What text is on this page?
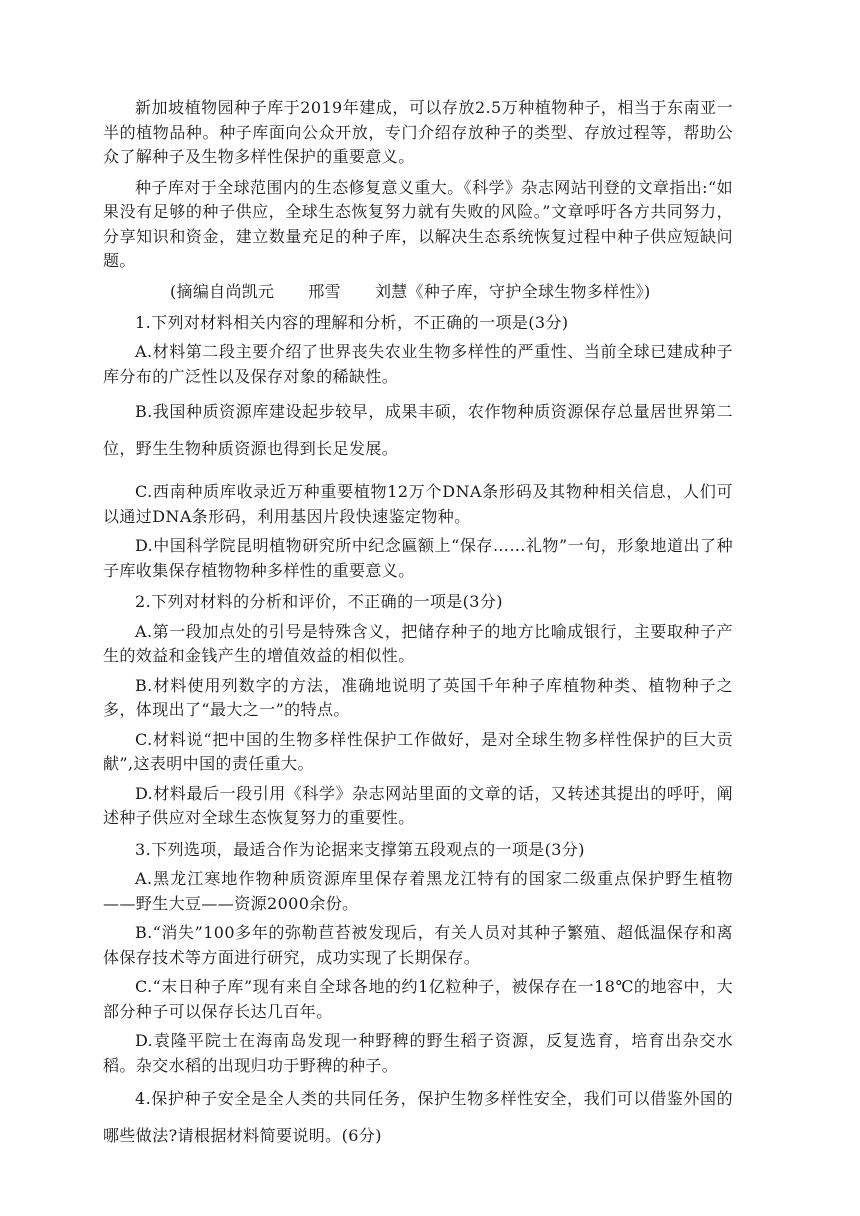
新加坡植物园种子库于2019年建成，可以存放2.5万种植物种子，相当于东南亚一半的植物品种。种子库面向公众开放，专门介绍存放种子的类型、存放过程等，帮助公众了解种子及生物多样性保护的重要意义。

种子库对于全球范围内的生态修复意义重大。《科学》杂志网站刊登的文章指出:“如果没有足够的种子供应，全球生态恢复努力就有失败的风险。”文章呼吁各方共同努力，分享知识和资金，建立数量充足的种子库，以解决生态系统恢复过程中种子供应短缺问题。

(摘编自尚凯元 邢雪 刘慧《种子库，守护全球生物多样性》)

1.下列对材料相关内容的理解和分析，不正确的一项是(3分)

A.材料第二段主要介绍了世界丧失农业生物多样性的严重性、当前全球已建成种子库分布的广泛性以及保存对象的稀缺性。

B.我国种质资源库建设起步较早，成果丰硕，农作物种质资源保存总量居世界第二位，野生生物种质资源也得到长足发展。

C.西南种质库收录近万种重要植物12万个DNA条形码及其物种相关信息，人们可以通过DNA条形码，利用基因片段快速鉴定物种。

D.中国科学院昆明植物研究所中纪念匾额上“保存……礼物”一句，形象地道出了种子库收集保存植物物种多样性的重要意义。

2.下列对材料的分析和评价，不正确的一项是(3分)

A.第一段加点处的引号是特殊含义，把储存种子的地方比喻成银行，主要取种子产生的效益和金钱产生的增值效益的相似性。

B.材料使用列数字的方法，准确地说明了英国千年种子库植物种类、植物种子之多，体现出了“最大之一”的特点。

C.材料说“把中国的生物多样性保护工作做好，是对全球生物多样性保护的巨大贡献”,这表明中国的责任重大。

D.材料最后一段引用《科学》杂志网站里面的文章的话，又转述其提出的呼吁，阐述种子供应对全球生态恢复努力的重要性。

3.下列选项，最适合作为论据来支撑第五段观点的一项是(3分)

A.黑龙江寒地作物种质资源库里保存着黑龙江特有的国家二级重点保护野生植物——野生大豆——资源2000余份。

B.“消失”100多年的弥勒苣苔被发现后，有关人员对其种子繁殖、超低温保存和离体保存技术等方面进行研究，成功实现了长期保存。

C.“末日种子库”现有来自全球各地的约1亿粒种子，被保存在一18℃的地容中，大部分种子可以保存长达几百年。

D.袁隆平院士在海南岛发现一种野稗的野生稻子资源，反复选育，培育出杂交水稻。杂交水稻的出现归功于野稗的种子。

4.保护种子安全是全人类的共同任务，保护生物多样性安全，我们可以借鉴外国的哪些做法?请根据材料简要说明。(6分)
